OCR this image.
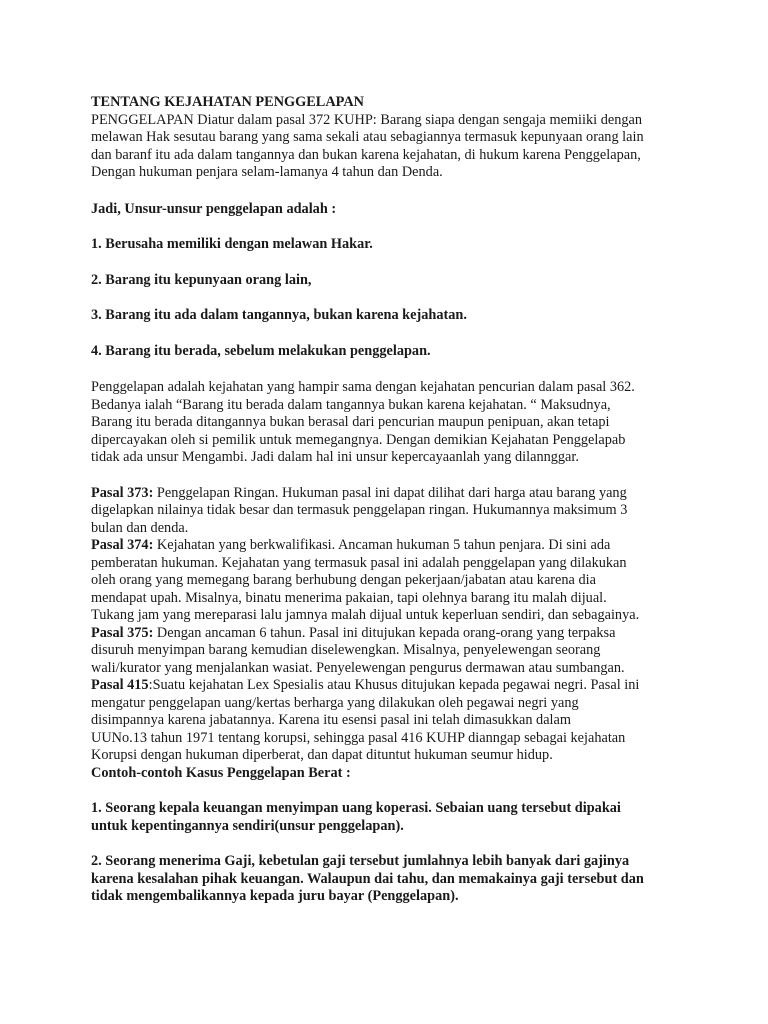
TENTANG KEJAHATAN PENGGELAPAN
PENGGELAPAN Diatur dalam pasal 372 KUHP: Barang siapa dengan sengaja memiiki dengan
melawan Hak sesutau barang yang sama sekali atau sebagiannya termasuk kepunyaan orang lain
dan baranf itu ada dalam tangannya dan bukan karena kejahatan, di hukum karena Penggelapan,
Dengan hukuman penjara selam-lamanya 4 tahun dan Denda.

Jadi, Unsur-unsur penggelapan adalah :

1. Berusaha memiliki dengan melawan Hakar.

2. Barang itu kepunyaan orang lain,

3. Barang itu ada dalam tangannya, bukan karena kejahatan.

4. Barang itu berada, sebelum melakukan penggelapan.

Penggelapan adalah kejahatan yang hampir sama dengan kejahatan pencurian dalam pasal 362.
Bedanya ialah “Barang itu berada dalam tangannya bukan karena kejahatan. “ Maksudnya,
Barang itu berada ditangannya bukan berasal dari pencurian maupun penipuan, akan tetapi
dipercayakan oleh si pemilik untuk memegangnya. Dengan demikian Kejahatan Penggelapab
tidak ada unsur Mengambi. Jadi dalam hal ini unsur kepercayaanlah yang dilannggar.
Pasal 373: Penggelapan Ringan. Hukuman pasal ini dapat dilihat dari harga atau barang yang
digelapkan nilainya tidak besar dan termasuk penggelapan ringan. Hukumannya maksimum 3
bulan dan denda.
Pasal 374: Kejahatan yang berkwalifikasi. Ancaman hukuman 5 tahun penjara. Di sini ada
pemberatan hukuman. Kejahatan yang termasuk pasal ini adalah penggelapan yang dilakukan
oleh orang yang memegang barang berhubung dengan pekerjaan/jabatan atau karena dia
mendapat upah. Misalnya, binatu menerima pakaian, tapi olehnya barang itu malah dijual.
Tukang jam yang mereparasi lalu jamnya malah dijual untuk keperluan sendiri, dan sebagainya.
Pasal 375: Dengan ancaman 6 tahun. Pasal ini ditujukan kepada orang-orang yang terpaksa
disuruh menyimpan barang kemudian diselewengkan. Misalnya, penyelewengan seorang
wali/kurator yang menjalankan wasiat. Penyelewengan pengurus dermawan atau sumbangan.
Pasal 415:Suatu kejahatan Lex Spesialis atau Khusus ditujukan kepada pegawai negri. Pasal ini
mengatur penggelapan uang/kertas berharga yang dilakukan oleh pegawai negri yang
disimpannya karena jabatannya. Karena itu esensi pasal ini telah dimasukkan dalam
UUNo.13 tahun 1971 tentang korupsi, sehingga pasal 416 KUHP dianngap sebagai kejahatan
Korupsi dengan hukuman diperberat, dan dapat dituntut hukuman seumur hidup.

Contoh-contoh Kasus Penggelapan Berat :

1. Seorang kepala keuangan menyimpan uang koperasi. Sebaian uang tersebut dipakai
untuk kepentingannya sendiri(unsur penggelapan).
2. Seorang menerima Gaji, kebetulan gaji tersebut jumlahnya lebih banyak dari gajinya
karena kesalahan pihak keuangan. Walaupun dai tahu, dan memakainya gaji tersebut dan
tidak mengembalikannya kepada juru bayar (Penggelapan).
